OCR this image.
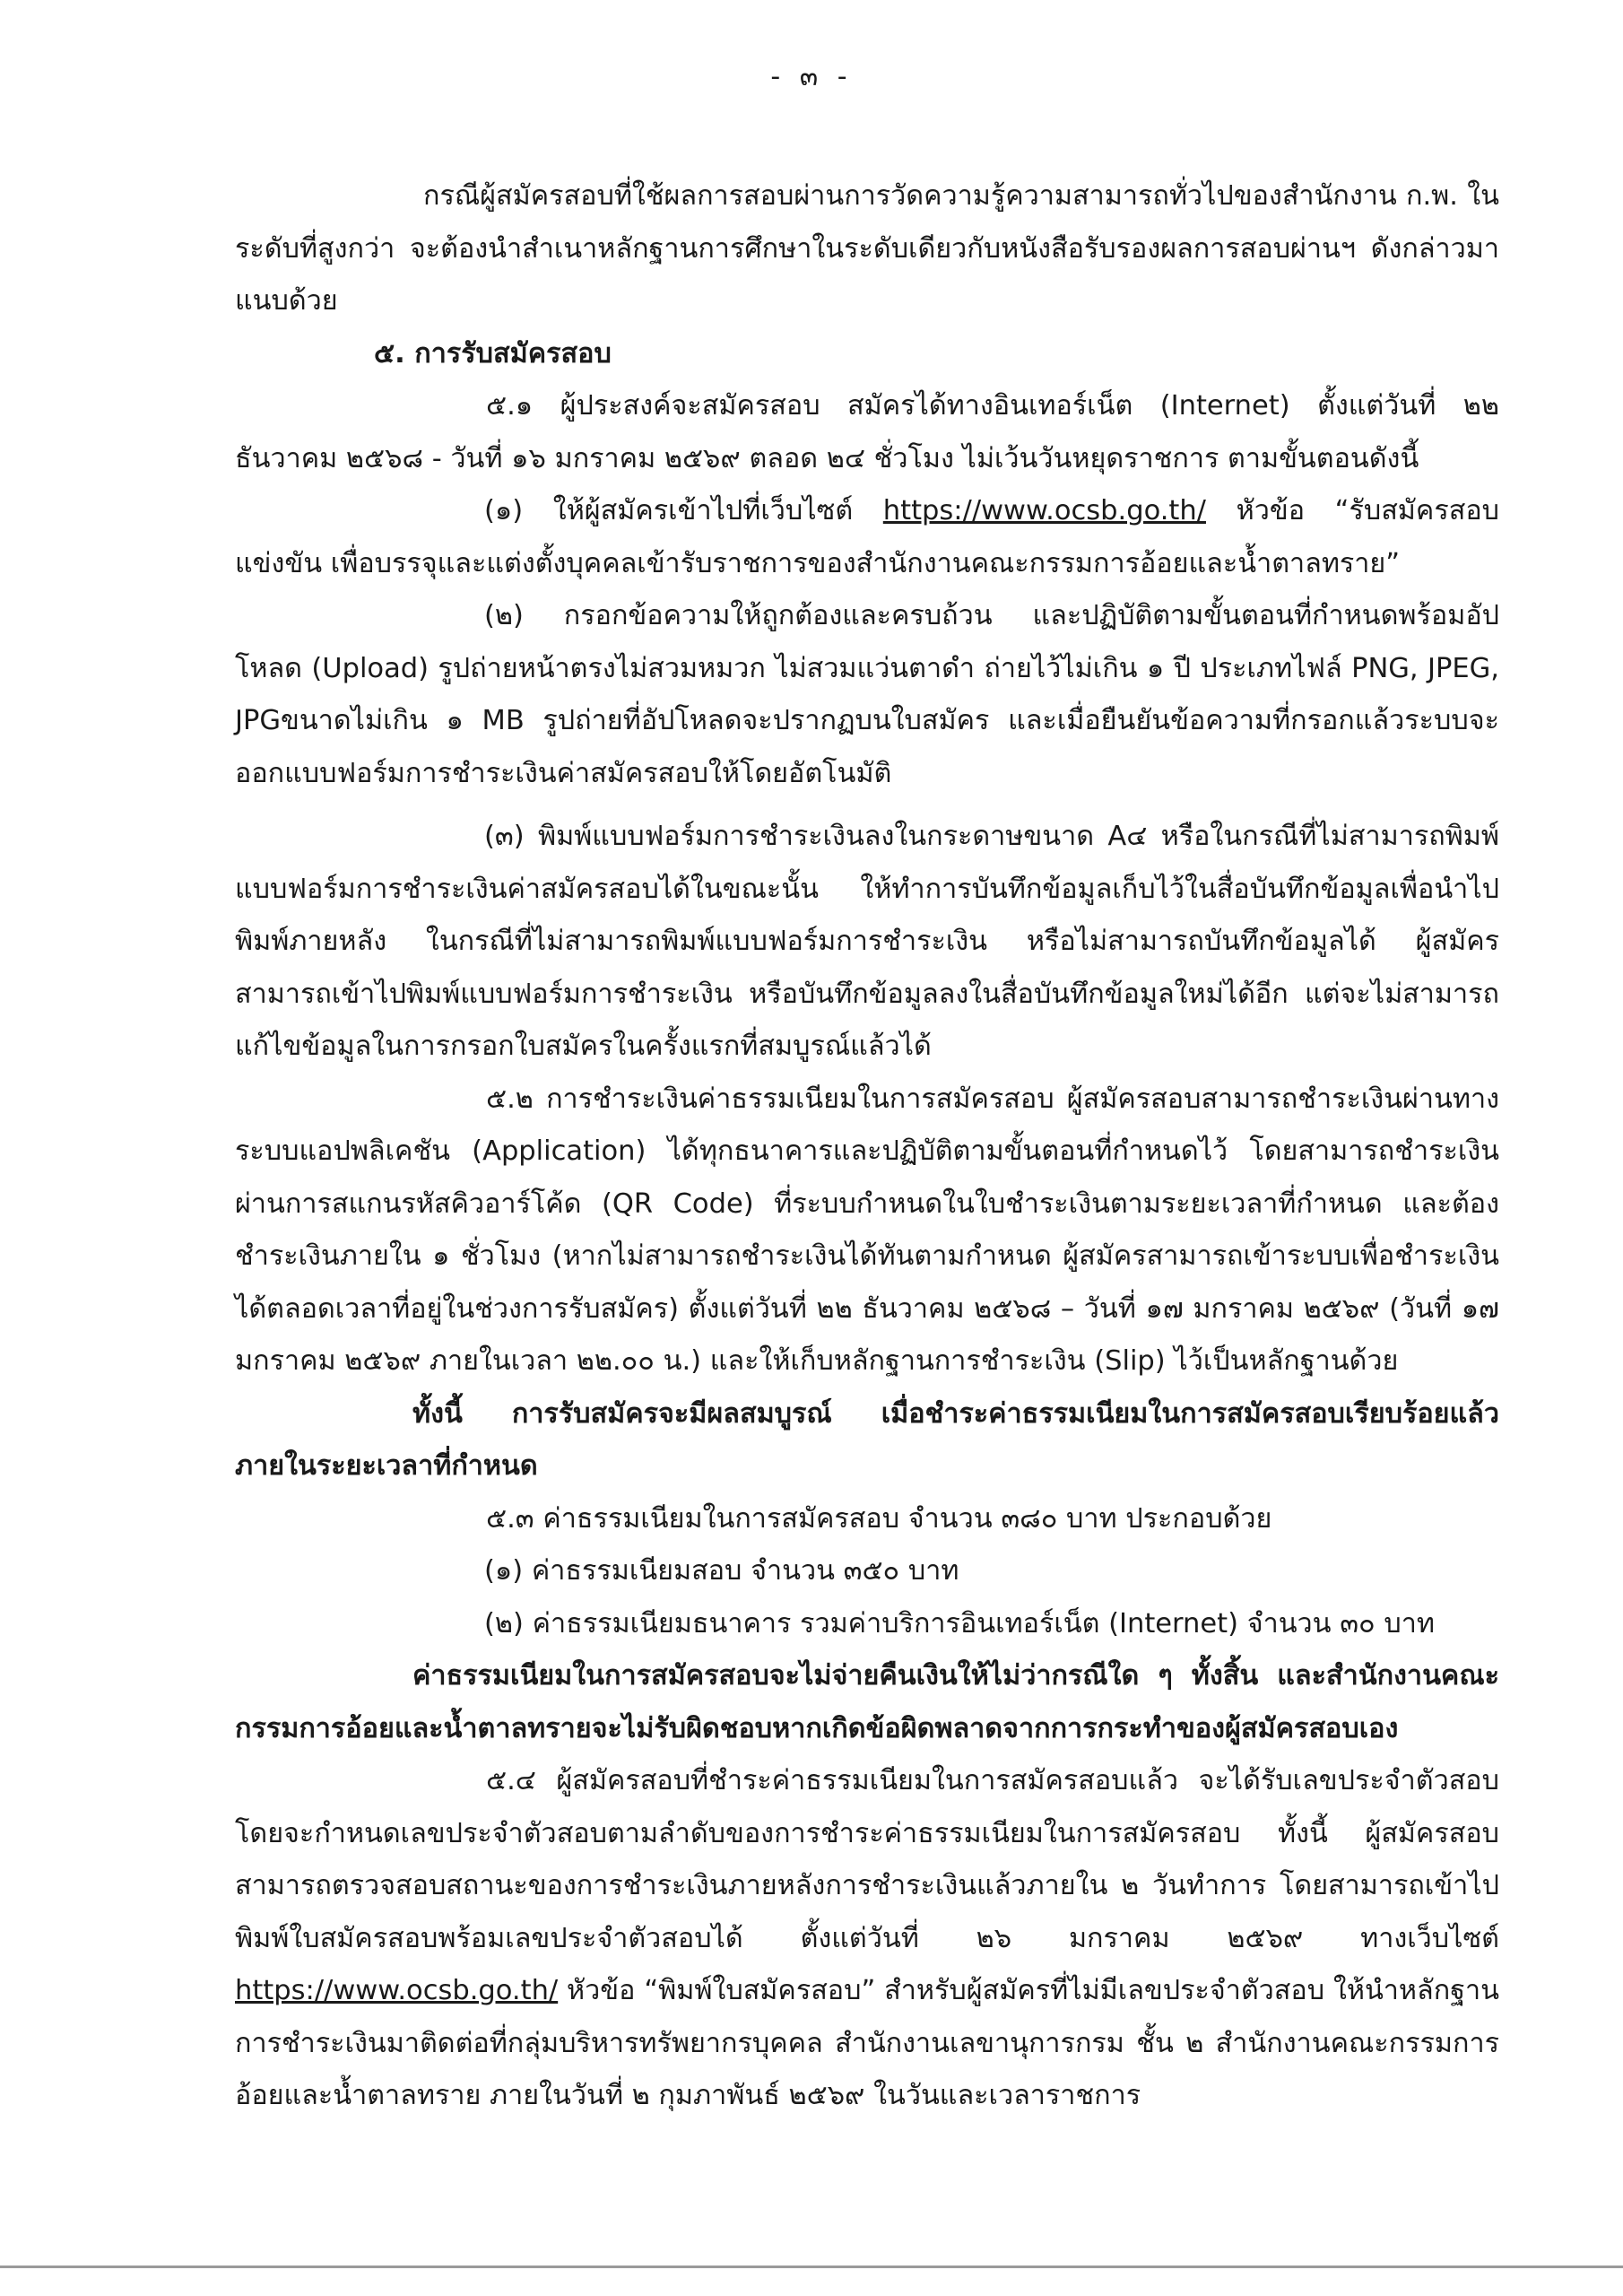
- ๓ -

กรณีผู้สมัครสอบที่ใช้ผลการสอบผ่านการวัดความรู้ความสามารถทั่วไปของสำนักงาน ก.พ. ในระดับที่สูงกว่า จะต้องนำสำเนาหลักฐานการศึกษาในระดับเดียวกับหนังสือรับรองผลการสอบผ่านฯ ดังกล่าวมาแนบด้วย

๕. การรับสมัครสอบ

๕.๑ ผู้ประสงค์จะสมัครสอบ สมัครได้ทางอินเทอร์เน็ต (Internet) ตั้งแต่วันที่ ๒๒ ธันวาคม ๒๕๖๘ - วันที่ ๑๖ มกราคม ๒๕๖๙ ตลอด ๒๔ ชั่วโมง ไม่เว้นวันหยุดราชการ ตามขั้นตอนดังนี้

(๑) ให้ผู้สมัครเข้าไปที่เว็บไซต์ https://www.ocsb.go.th/ หัวข้อ “รับสมัครสอบ แข่งขัน เพื่อบรรจุและแต่งตั้งบุคคลเข้ารับราชการของสำนักงานคณะกรรมการอ้อยและน้ำตาลทราย”

(๒) กรอกข้อความให้ถูกต้องและครบถ้วน และปฏิบัติตามขั้นตอนที่กำหนดพร้อมอัปโหลด (Upload) รูปถ่ายหน้าตรงไม่สวมหมวก ไม่สวมแว่นตาดำ ถ่ายไว้ไม่เกิน ๑ ปี ประเภทไฟล์ PNG, JPEG, JPGขนาดไม่เกิน ๑ MB รูปถ่ายที่อัปโหลดจะปรากฏบนใบสมัคร และเมื่อยืนยันข้อความที่กรอกแล้วระบบจะออกแบบฟอร์มการชำระเงินค่าสมัครสอบให้โดยอัตโนมัติ

(๓) พิมพ์แบบฟอร์มการชำระเงินลงในกระดาษขนาด A๔ หรือในกรณีที่ไม่สามารถพิมพ์แบบฟอร์มการชำระเงินค่าสมัครสอบได้ในขณะนั้น ให้ทำการบันทึกข้อมูลเก็บไว้ในสื่อบันทึกข้อมูลเพื่อนำไปพิมพ์ภายหลัง ในกรณีที่ไม่สามารถพิมพ์แบบฟอร์มการชำระเงิน หรือไม่สามารถบันทึกข้อมูลได้ ผู้สมัครสามารถเข้าไปพิมพ์แบบฟอร์มการชำระเงิน หรือบันทึกข้อมูลลงในสื่อบันทึกข้อมูลใหม่ได้อีก แต่จะไม่สามารถแก้ไขข้อมูลในการกรอกใบสมัครในครั้งแรกที่สมบูรณ์แล้วได้

๕.๒ การชำระเงินค่าธรรมเนียมในการสมัครสอบ ผู้สมัครสอบสามารถชำระเงินผ่านทางระบบแอปพลิเคชัน (Application) ได้ทุกธนาคารและปฏิบัติตามขั้นตอนที่กำหนดไว้ โดยสามารถชำระเงินผ่านการสแกนรหัสคิวอาร์โค้ด (QR Code) ที่ระบบกำหนดในใบชำระเงินตามระยะเวลาที่กำหนด และต้องชำระเงินภายใน ๑ ชั่วโมง (หากไม่สามารถชำระเงินได้ทันตามกำหนด ผู้สมัครสามารถเข้าระบบเพื่อชำระเงินได้ตลอดเวลาที่อยู่ในช่วงการรับสมัคร) ตั้งแต่วันที่ ๒๒ ธันวาคม ๒๕๖๘ – วันที่ ๑๗ มกราคม ๒๕๖๙ (วันที่ ๑๗ มกราคม ๒๕๖๙ ภายในเวลา ๒๒.๐๐ น.) และให้เก็บหลักฐานการชำระเงิน (Slip) ไว้เป็นหลักฐานด้วย

ทั้งนี้ การรับสมัครจะมีผลสมบูรณ์ เมื่อชำระค่าธรรมเนียมในการสมัครสอบเรียบร้อยแล้วภายในระยะเวลาที่กำหนด

๕.๓ ค่าธรรมเนียมในการสมัครสอบ จำนวน ๓๘๐ บาท ประกอบด้วย

(๑) ค่าธรรมเนียมสอบ จำนวน ๓๕๐ บาท

(๒) ค่าธรรมเนียมธนาคาร รวมค่าบริการอินเทอร์เน็ต (Internet) จำนวน ๓๐ บาท

ค่าธรรมเนียมในการสมัครสอบจะไม่จ่ายคืนเงินให้ไม่ว่ากรณีใด ๆ ทั้งสิ้น และสำนักงานคณะกรรมการอ้อยและน้ำตาลทรายจะไม่รับผิดชอบหากเกิดข้อผิดพลาดจากการกระทำของผู้สมัครสอบเอง

๕.๔ ผู้สมัครสอบที่ชำระค่าธรรมเนียมในการสมัครสอบแล้ว จะได้รับเลขประจำตัวสอบโดยจะกำหนดเลขประจำตัวสอบตามลำดับของการชำระค่าธรรมเนียมในการสมัครสอบ ทั้งนี้ ผู้สมัครสอบสามารถตรวจสอบสถานะของการชำระเงินภายหลังการชำระเงินแล้วภายใน ๒ วันทำการ โดยสามารถเข้าไปพิมพ์ใบสมัครสอบพร้อมเลขประจำตัวสอบได้ ตั้งแต่วันที่ ๒๖ มกราคม ๒๕๖๙ ทางเว็บไซต์ https://www.ocsb.go.th/ หัวข้อ “พิมพ์ใบสมัครสอบ” สำหรับผู้สมัครที่ไม่มีเลขประจำตัวสอบ ให้นำหลักฐานการชำระเงินมาติดต่อที่กลุ่มบริหารทรัพยากรบุคคล สำนักงานเลขานุการกรม ชั้น ๒ สำนักงานคณะกรรมการอ้อยและน้ำตาลทราย ภายในวันที่ ๒ กุมภาพันธ์ ๒๕๖๙ ในวันและเวลาราชการ
